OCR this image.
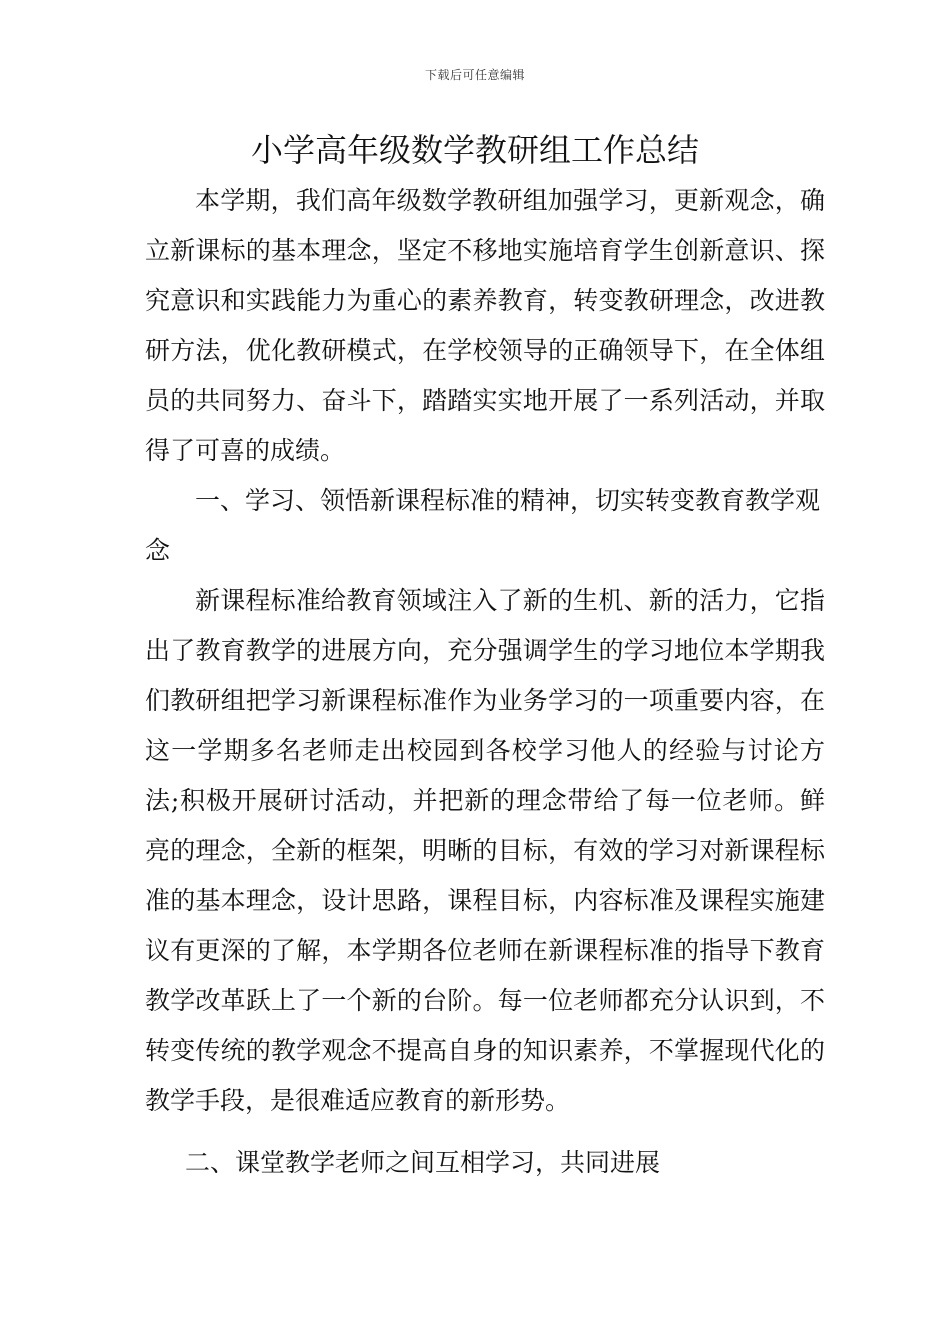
下载后可任意编辑
小学高年级数学教研组工作总结

本学期，我们高年级数学教研组加强学习，更新观念，确立新课标的基本理念，坚定不移地实施培育学生创新意识、探究意识和实践能力为重心的素养教育，转变教研理念，改进教研方法，优化教研模式，在学校领导的正确领导下，在全体组员的共同努力、奋斗下，踏踏实实地开展了一系列活动，并取得了可喜的成绩。

一、学习、领悟新课程标准的精神，切实转变教育教学观念

新课程标准给教育领域注入了新的生机、新的活力，它指出了教育教学的进展方向，充分强调学生的学习地位本学期我们教研组把学习新课程标准作为业务学习的一项重要内容，在这一学期多名老师走出校园到各校学习他人的经验与讨论方法;积极开展研讨活动，并把新的理念带给了每一位老师。鲜亮的理念，全新的框架，明晰的目标，有效的学习对新课程标准的基本理念，设计思路，课程目标，内容标准及课程实施建议有更深的了解，本学期各位老师在新课程标准的指导下教育教学改革跃上了一个新的台阶。每一位老师都充分认识到，不转变传统的教学观念不提高自身的知识素养，不掌握现代化的教学手段，是很难适应教育的新形势。

二、课堂教学老师之间互相学习，共同进展
